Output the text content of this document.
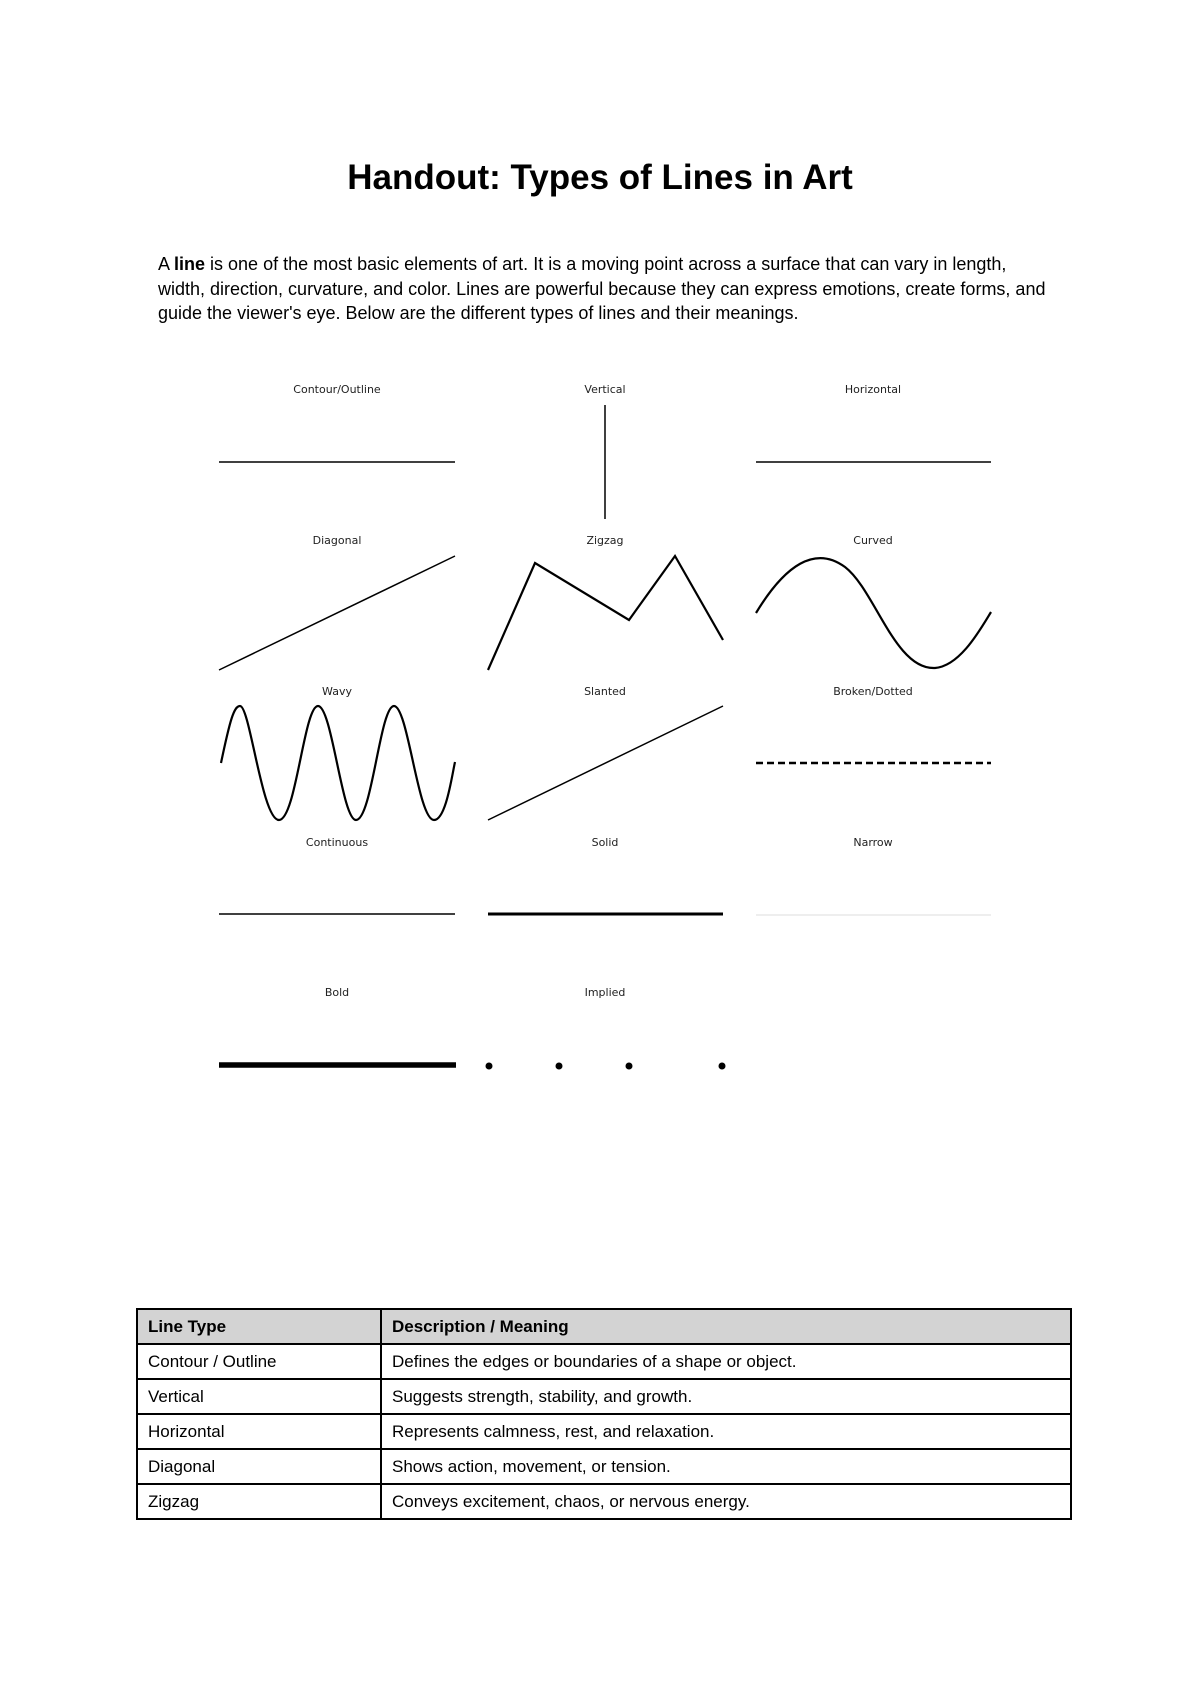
Handout: Types of Lines in Art

A line is one of the most basic elements of art. It is a moving point across a surface that can vary in length, width, direction, curvature, and color. Lines are powerful because they can express emotions, create forms, and guide the viewer's eye. Below are the different types of lines and their meanings.

Contour/Outline	Vertical	Horizontal
Diagonal	Zigzag	Curved
Wavy	Slanted	Broken/Dotted
Continuous	Solid	Narrow
Bold	Implied
Line Type	Description / Meaning
Contour / Outline	Defines the edges or boundaries of a shape or object.
Vertical	Suggests strength, stability, and growth.
Horizontal	Represents calmness, rest, and relaxation.
Diagonal	Shows action, movement, or tension.
Zigzag	Conveys excitement, chaos, or nervous energy.
